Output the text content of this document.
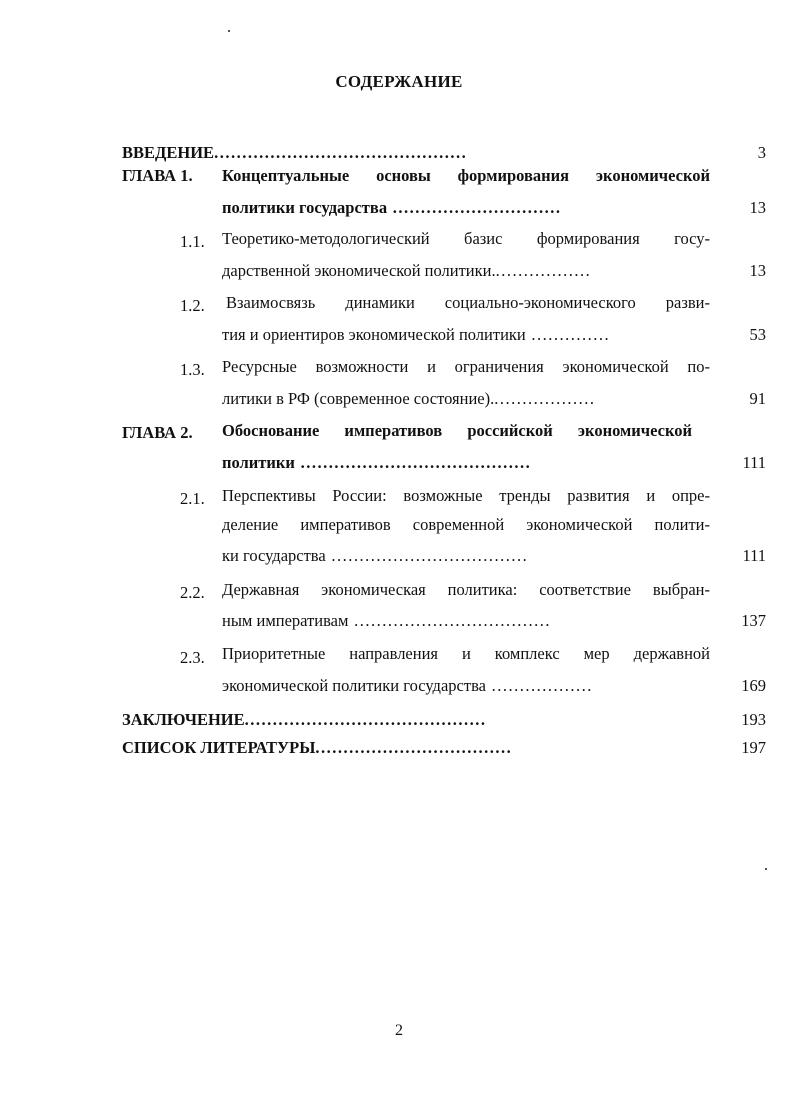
СОДЕРЖАНИЕ
ВВЕДЕНИЕ.............................................	3
ГЛАВА 1. Концептуальные основы формирования экономической
политики государства ..............................	13
1.1. Теоретико-методологический базис формирования госу-
дарственной экономической политики..................	13
1.2. Взаимосвязь динамики социально-экономического разви-
тия и ориентиров экономической политики ..............	53
1.3. Ресурсные возможности и ограничения экономической по-
литики в РФ (современное состояние)...................	91
ГЛАВА 2. Обоснование императивов российской экономической
политики .........................................	111
2.1. Перспективы России: возможные тренды развития и опре-
деление императивов современной экономической полити-
ки государства ...................................	111
2.2. Державная экономическая политика: соответствие выбран-
ным императивам ...................................	137
2.3. Приоритетные направления и комплекс мер державной
экономической политики государства ..................	169
ЗАКЛЮЧЕНИЕ...........................................	193
СПИСОК ЛИТЕРАТУРЫ...................................	197
2
